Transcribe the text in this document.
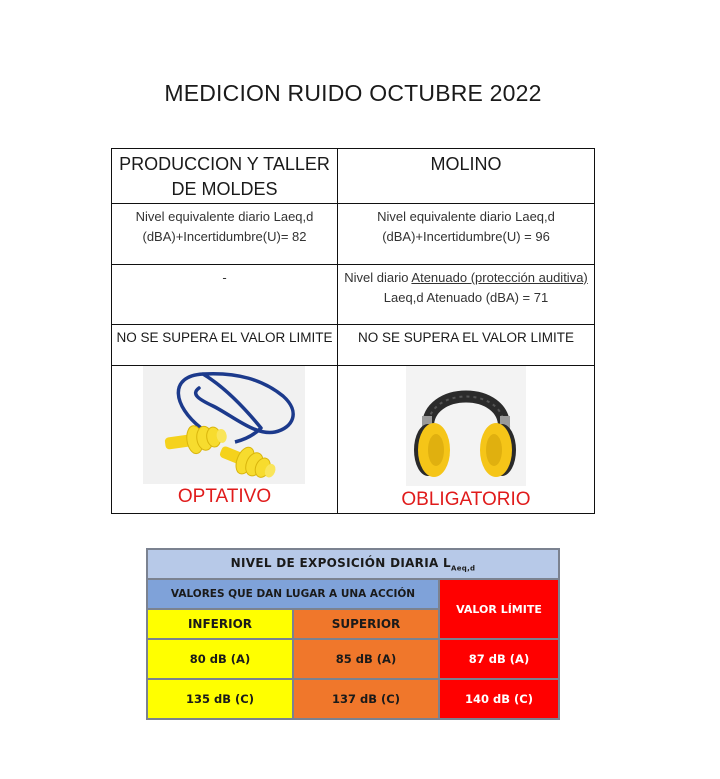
MEDICION RUIDO OCTUBRE 2022
PRODUCCION Y TALLER DE MOLDES	MOLINO
Nivel equivalente diario Laeq,d (dBA)+Incertidumbre(U)= 82	Nivel equivalente diario Laeq,d (dBA)+Incertidumbre(U) = 96
-	Nivel diario Atenuado (protección auditiva) Laeq,d Atenuado (dBA) = 71
NO SE SUPERA EL VALOR LIMITE	NO SE SUPERA EL VALOR LIMITE

OPTATIVO	OBLIGATORIO
NIVEL DE EXPOSICIÓN DIARIA $L_{Aeq,d}$
VALORES QUE DAN LUGAR A UNA ACCIÓN		VALOR LÍMITE
INFERIOR	SUPERIOR	
80 dB (A)	85 dB (A)	87 dB (A)
135 dB (C)	137 dB (C)	140 dB (C)
